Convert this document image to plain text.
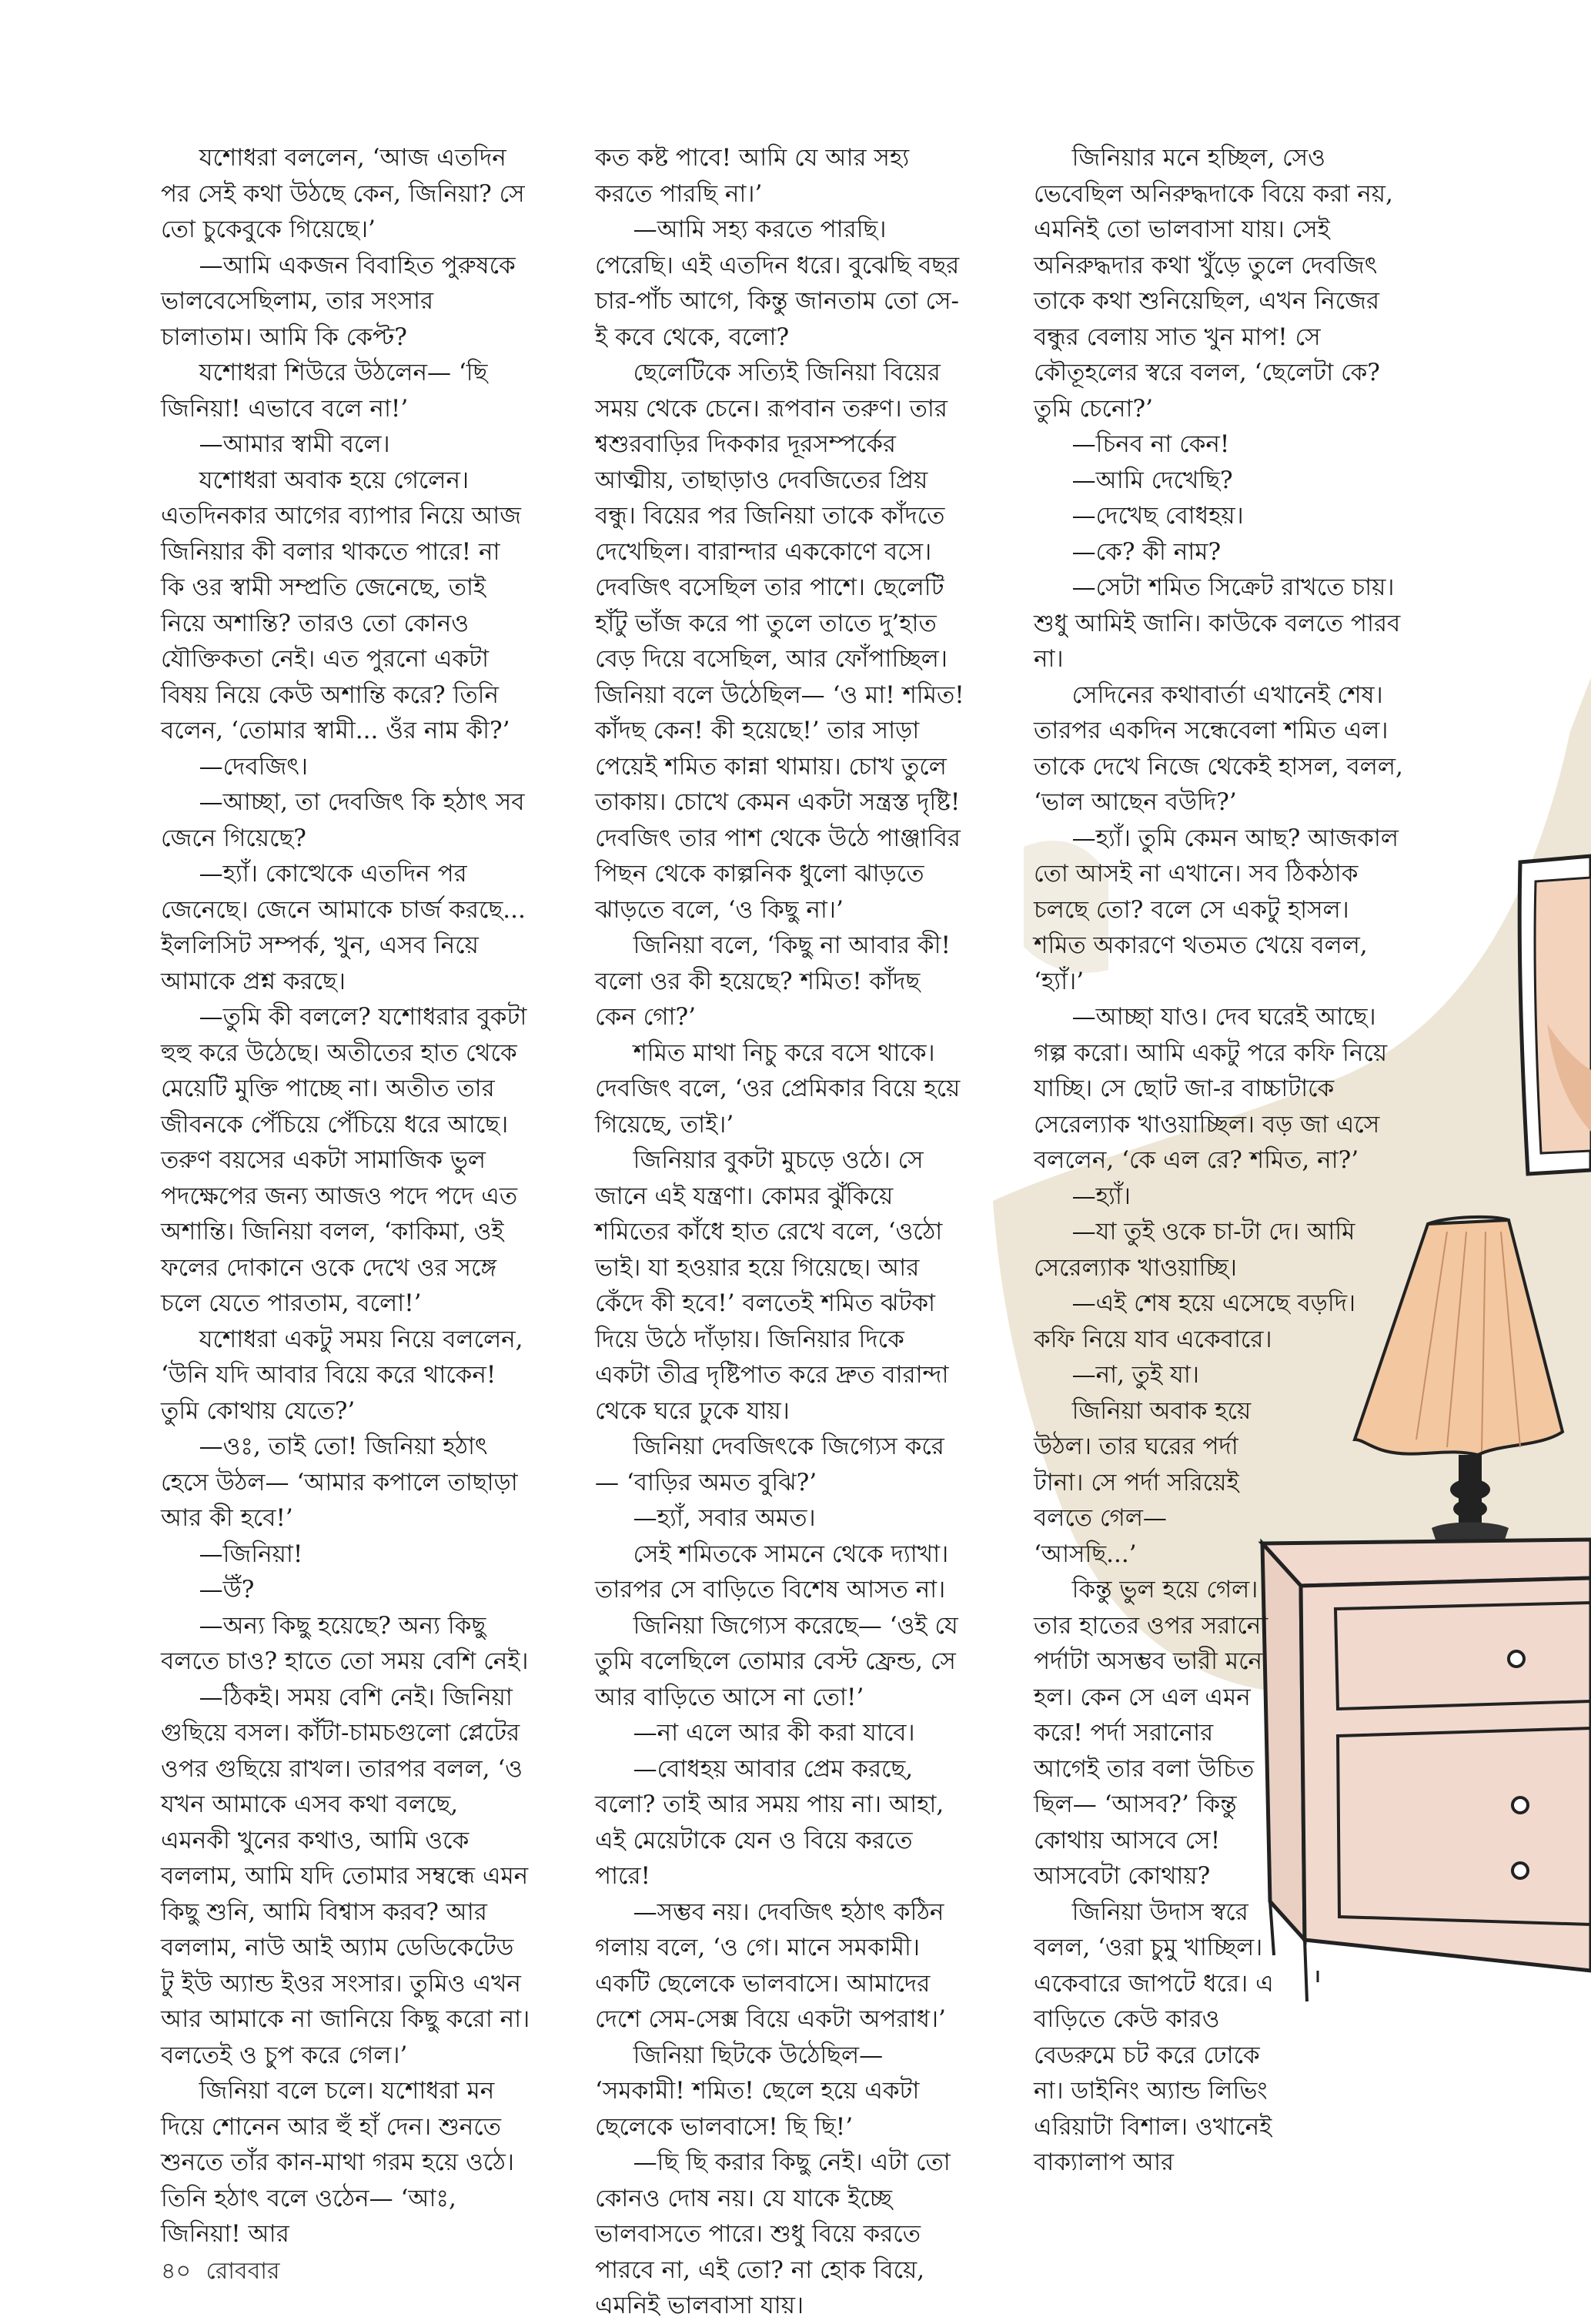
যশোধরা বললেন, ‘আজ এতদিন পর সেই কথা উঠছে কেন, জিনিয়া? সে তো চুকেবুকে গিয়েছে।’

—আমি একজন বিবাহিত পুরুষকে ভালবেসেছিলাম, তার সংসার চালাতাম। আমি কি কেপ্ট?

যশোধরা শিউরে উঠলেন— ‘ছি জিনিয়া! এভাবে বলে না!’

—আমার স্বামী বলে।

যশোধরা অবাক হয়ে গেলেন। এতদিনকার আগের ব্যাপার নিয়ে আজ জিনিয়ার কী বলার থাকতে পারে! না কি ওর স্বামী সম্প্রতি জেনেছে, তাই নিয়ে অশান্তি? তারও তো কোনও যৌক্তিকতা নেই। এত পুরনো একটা বিষয় নিয়ে কেউ অশান্তি করে? তিনি বলেন, ‘তোমার স্বামী... ওঁর নাম কী?’

—দেবজিৎ।

—আচ্ছা, তা দেবজিৎ কি হঠাৎ সব জেনে গিয়েছে?

—হ্যাঁ। কোত্থেকে এতদিন পর জেনেছে। জেনে আমাকে চার্জ করছে... ইললিসিট সম্পর্ক, খুন, এসব নিয়ে আমাকে প্রশ্ন করছে।

—তুমি কী বললে? যশোধরার বুকটা হুহু করে উঠেছে। অতীতের হাত থেকে মেয়েটি মুক্তি পাচ্ছে না। অতীত তার জীবনকে পেঁচিয়ে পেঁচিয়ে ধরে আছে। তরুণ বয়সের একটা সামাজিক ভুল পদক্ষেপের জন্য আজও পদে পদে এত অশান্তি। জিনিয়া বলল, ‘কাকিমা, ওই ফলের দোকানে ওকে দেখে ওর সঙ্গে চলে যেতে পারতাম, বলো!’

যশোধরা একটু সময় নিয়ে বললেন, ‘উনি যদি আবার বিয়ে করে থাকেন! তুমি কোথায় যেতে?’

—ওঃ, তাই তো! জিনিয়া হঠাৎ হেসে উঠল— ‘আমার কপালে তাছাড়া আর কী হবে!’

—জিনিয়া!

—উঁ?

—অন্য কিছু হয়েছে? অন্য কিছু বলতে চাও? হাতে তো সময় বেশি নেই।

—ঠিকই। সময় বেশি নেই। জিনিয়া গুছিয়ে বসল। কাঁটা-চামচগুলো প্লেটের ওপর গুছিয়ে রাখল। তারপর বলল, ‘ও যখন আমাকে এসব কথা বলছে, এমনকী খুনের কথাও, আমি ওকে বললাম, আমি যদি তোমার সম্বন্ধে এমন কিছু শুনি, আমি বিশ্বাস করব? আর বললাম, নাউ আই অ্যাম ডেডিকেটেড টু ইউ অ্যান্ড ইওর সংসার। তুমিও এখন আর আমাকে না জানিয়ে কিছু করো না। বলতেই ও চুপ করে গেল।’

জিনিয়া বলে চলে। যশোধরা মন দিয়ে শোনেন আর হুঁ হাঁ দেন। শুনতে শুনতে তাঁর কান-মাথা গরম হয়ে ওঠে। তিনি হঠাৎ বলে ওঠেন— ‘আঃ, জিনিয়া! আর

কত কষ্ট পাবে! আমি যে আর সহ্য করতে পারছি না।’

—আমি সহ্য করতে পারছি। পেরেছি। এই এতদিন ধরে। বুঝেছি বছর চার-পাঁচ আগে, কিন্তু জানতাম তো সে-ই কবে থেকে, বলো?

ছেলেটিকে সত্যিই জিনিয়া বিয়ের সময় থেকে চেনে। রূপবান তরুণ। তার শ্বশুরবাড়ির দিককার দূরসম্পর্কের আত্মীয়, তাছাড়াও দেবজিতের প্রিয় বন্ধু। বিয়ের পর জিনিয়া তাকে কাঁদতে দেখেছিল। বারান্দার এককোণে বসে। দেবজিৎ বসেছিল তার পাশে। ছেলেটি হাঁটু ভাঁজ করে পা তুলে তাতে দু’হাত বেড় দিয়ে বসেছিল, আর ফোঁপাচ্ছিল। জিনিয়া বলে উঠেছিল— ‘ও মা! শমিত! কাঁদছ কেন! কী হয়েছে!’ তার সাড়া পেয়েই শমিত কান্না থামায়। চোখ তুলে তাকায়। চোখে কেমন একটা সন্ত্রস্ত দৃষ্টি! দেবজিৎ তার পাশ থেকে উঠে পাঞ্জাবির পিছন থেকে কাল্পনিক ধুলো ঝাড়তে ঝাড়তে বলে, ‘ও কিছু না।’

জিনিয়া বলে, ‘কিছু না আবার কী! বলো ওর কী হয়েছে? শমিত! কাঁদছ কেন গো?’

শমিত মাথা নিচু করে বসে থাকে। দেবজিৎ বলে, ‘ওর প্রেমিকার বিয়ে হয়ে গিয়েছে, তাই।’

জিনিয়ার বুকটা মুচড়ে ওঠে। সে জানে এই যন্ত্রণা। কোমর ঝুঁকিয়ে শমিতের কাঁধে হাত রেখে বলে, ‘ওঠো ভাই। যা হওয়ার হয়ে গিয়েছে। আর কেঁদে কী হবে!’ বলতেই শমিত ঝটকা দিয়ে উঠে দাঁড়ায়। জিনিয়ার দিকে একটা তীব্র দৃষ্টিপাত করে দ্রুত বারান্দা থেকে ঘরে ঢুকে যায়।

জিনিয়া দেবজিৎকে জিগ্যেস করে— ‘বাড়ির অমত বুঝি?’

—হ্যাঁ, সবার অমত।

সেই শমিতকে সামনে থেকে দ্যাখা। তারপর সে বাড়িতে বিশেষ আসত না।

জিনিয়া জিগ্যেস করেছে— ‘ওই যে তুমি বলেছিলে তোমার বেস্ট ফ্রেন্ড, সে আর বাড়িতে আসে না তো!’

—না এলে আর কী করা যাবে।

—বোধহয় আবার প্রেম করছে, বলো? তাই আর সময় পায় না। আহা, এই মেয়েটাকে যেন ও বিয়ে করতে পারে!

—সম্ভব নয়। দেবজিৎ হঠাৎ কঠিন গলায় বলে, ‘ও গে। মানে সমকামী। একটি ছেলেকে ভালবাসে। আমাদের দেশে সেম-সেক্স বিয়ে একটা অপরাধ।’

জিনিয়া ছিটকে উঠেছিল— ‘সমকামী! শমিত! ছেলে হয়ে একটা ছেলেকে ভালবাসে! ছি ছি!’

—ছি ছি করার কিছু নেই। এটা তো কোনও দোষ নয়। যে যাকে ইচ্ছে ভালবাসতে পারে। শুধু বিয়ে করতে পারবে না, এই তো? না হোক বিয়ে, এমনিই ভালবাসা যায়।

জিনিয়ার মনে হচ্ছিল, সেও ভেবেছিল অনিরুদ্ধদাকে বিয়ে করা নয়, এমনিই তো ভালবাসা যায়। সেই অনিরুদ্ধদার কথা খুঁড়ে তুলে দেবজিৎ তাকে কথা শুনিয়েছিল, এখন নিজের বন্ধুর বেলায় সাত খুন মাপ! সে কৌতূহলের স্বরে বলল, ‘ছেলেটা কে? তুমি চেনো?’

—চিনব না কেন!

—আমি দেখেছি?

—দেখেছ বোধহয়।

—কে? কী নাম?

—সেটা শমিত সিক্রেট রাখতে চায়। শুধু আমিই জানি। কাউকে বলতে পারব না।

সেদিনের কথাবার্তা এখানেই শেষ। তারপর একদিন সন্ধেবেলা শমিত এল। তাকে দেখে নিজে থেকেই হাসল, বলল, ‘ভাল আছেন বউদি?’

—হ্যাঁ। তুমি কেমন আছ? আজকাল তো আসই না এখানে। সব ঠিকঠাক চলছে তো? বলে সে একটু হাসল। শমিত অকারণে থতমত খেয়ে বলল, ‘হ্যাঁ।’

—আচ্ছা যাও। দেব ঘরেই আছে। গল্প করো। আমি একটু পরে কফি নিয়ে যাচ্ছি। সে ছোট জা-র বাচ্চাটাকে সেরেল্যাক খাওয়াচ্ছিল। বড় জা এসে বললেন, ‘কে এল রে? শমিত, না?’

—হ্যাঁ।

—যা তুই ওকে চা-টা দে। আমি সেরেল্যাক খাওয়াচ্ছি।

—এই শেষ হয়ে এসেছে বড়দি। কফি নিয়ে যাব একেবারে।

—না, তুই যা।

জিনিয়া অবাক হয়ে উঠল। তার ঘরের পর্দা টানা। সে পর্দা সরিয়েই বলতে গেল— ‘আসছি...’

কিন্তু ভুল হয়ে গেল। তার হাতের ওপর সরানো পর্দাটা অসম্ভব ভারী মনে হল। কেন সে এল এমন করে! পর্দা সরানোর আগেই তার বলা উচিত ছিল— ‘আসব?’ কিন্তু কোথায় আসবে সে! আসবেটা কোথায়?

জিনিয়া উদাস স্বরে বলল, ‘ওরা চুমু খাচ্ছিল। একেবারে জাপটে ধরে। এ বাড়িতে কেউ কারও বেডরুমে চট করে ঢোকে না। ডাইনিং অ্যান্ড লিভিং এরিয়াটা বিশাল। ওখানেই বাক্যালাপ আর

৪০ রোববার
